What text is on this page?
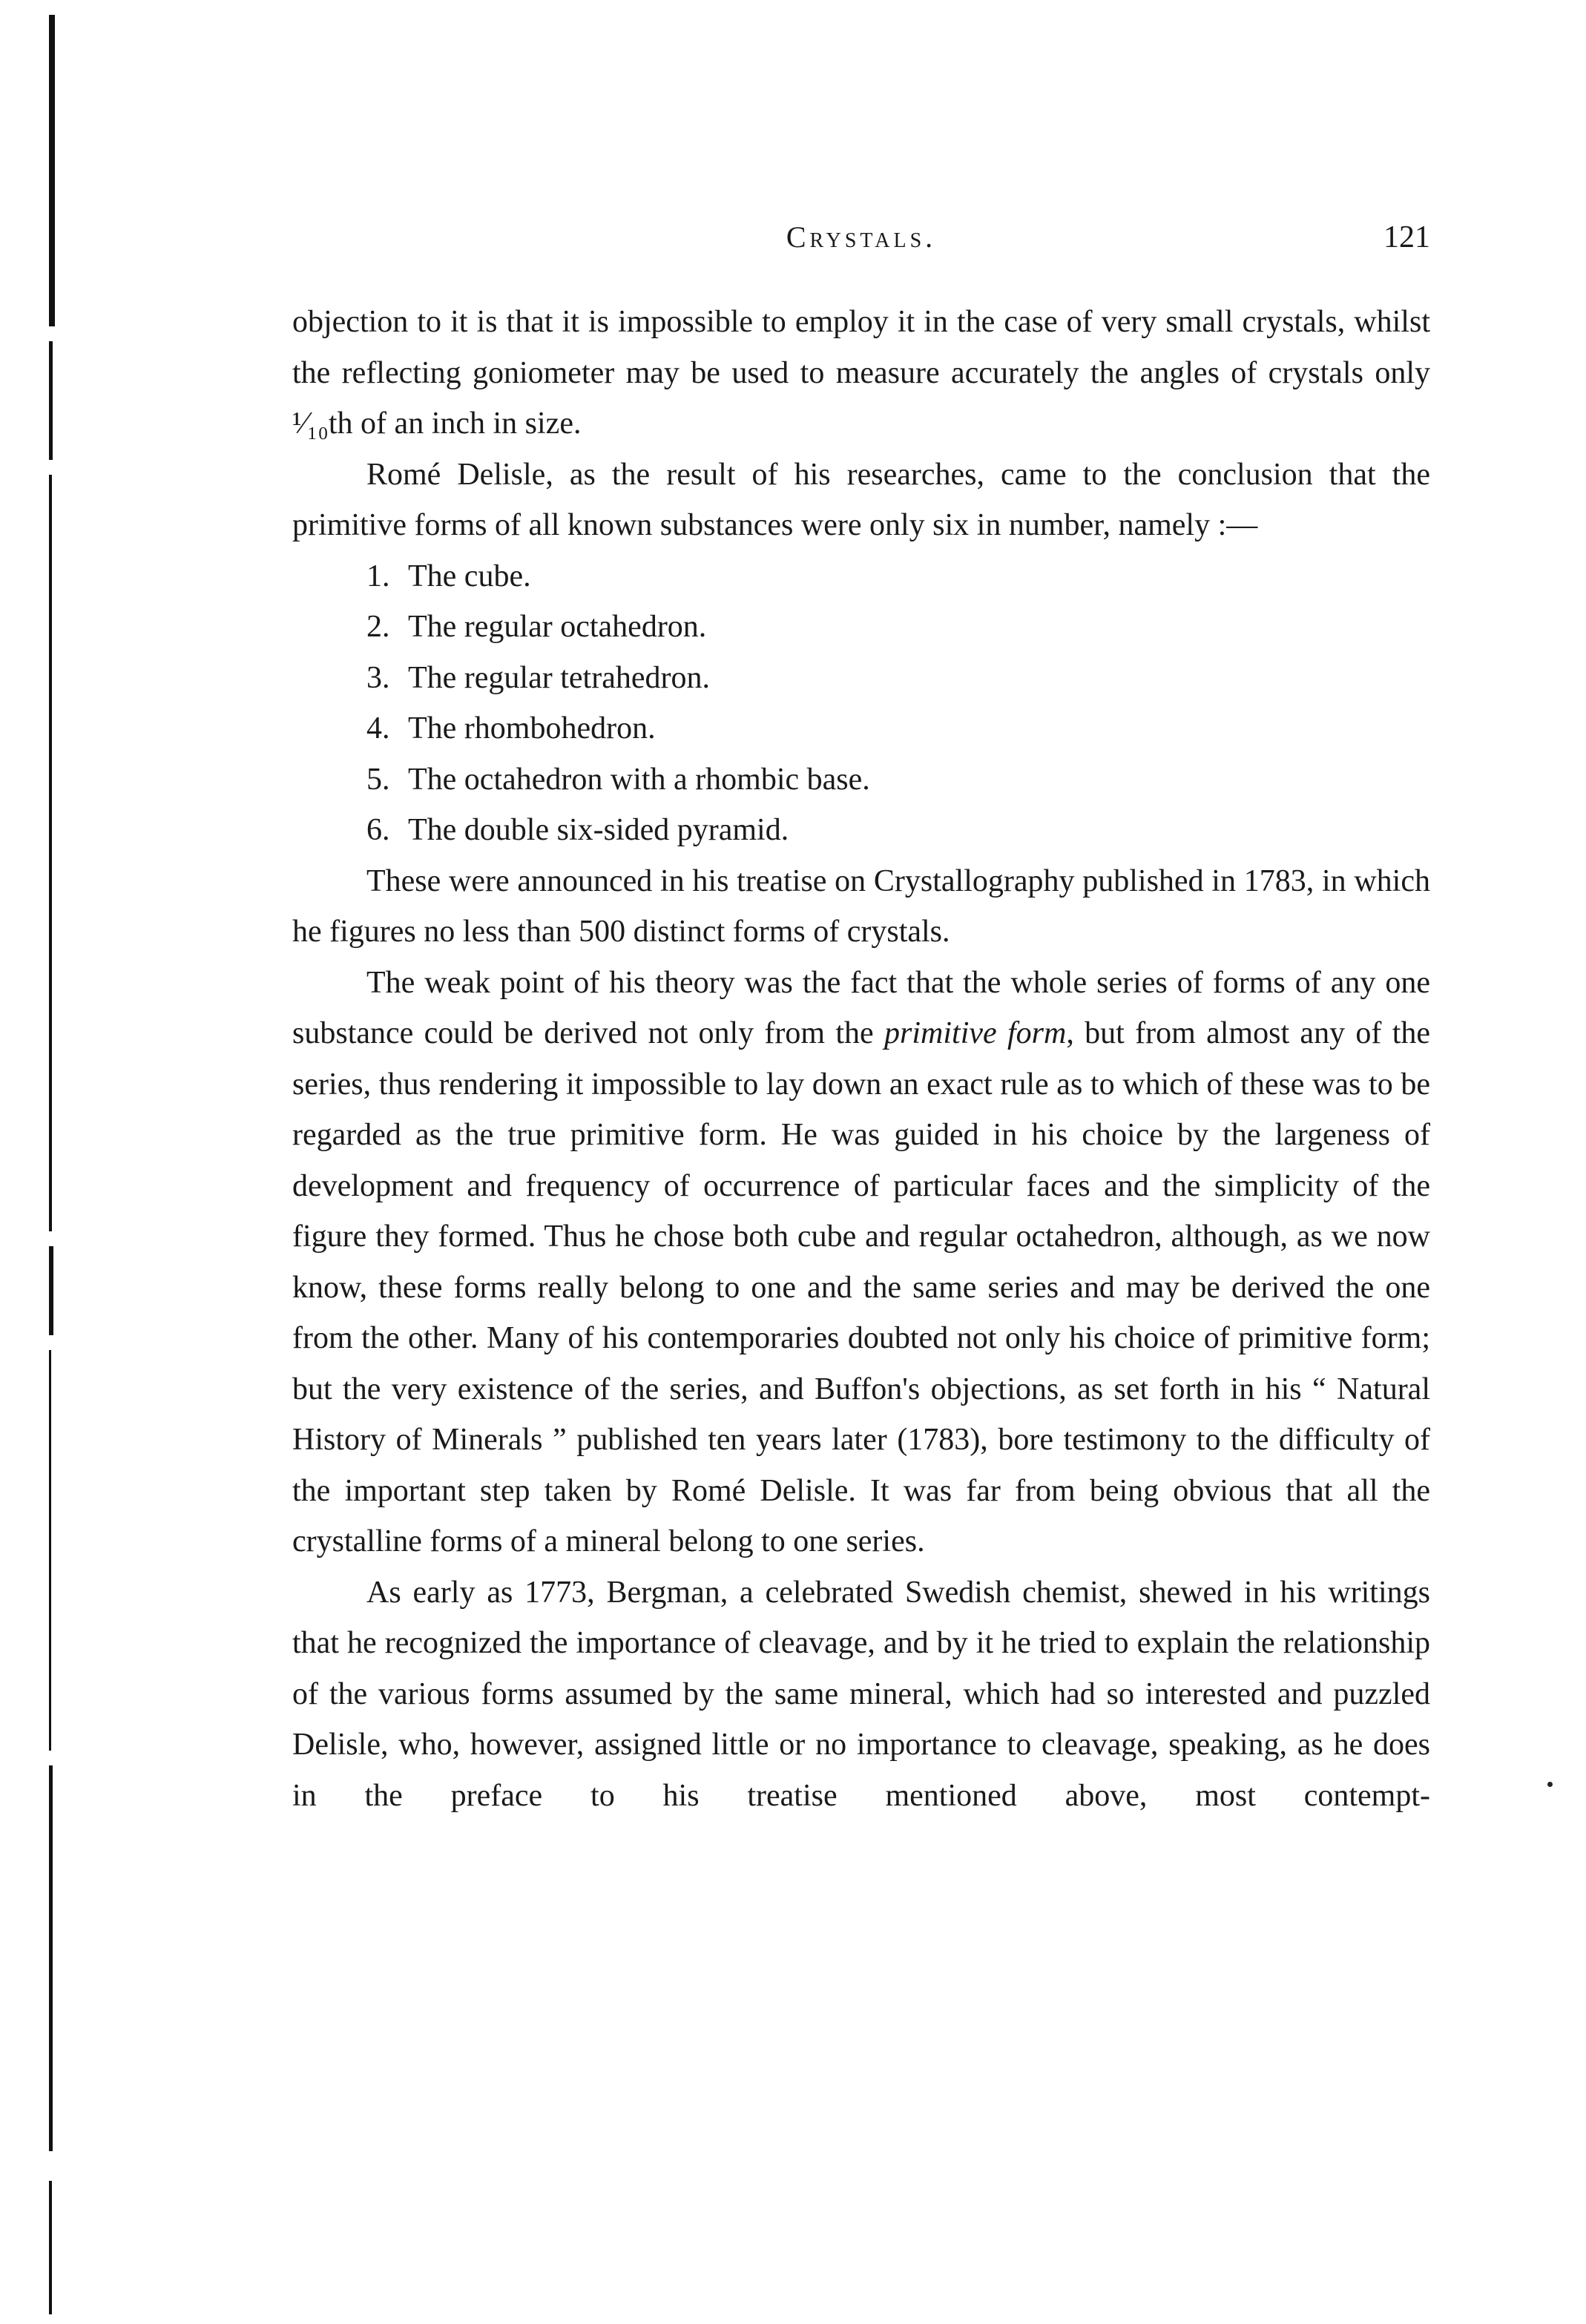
Crystals.	121

objection to it is that it is impossible to employ it in the case of very small crystals, whilst the reflecting goniometer may be used to measure accurately the angles of crystals only ¹⁄₁₀th of an inch in size.

Romé Delisle, as the result of his researches, came to the conclusion that the primitive forms of all known substances were only six in number, namely :—

1. The cube.
2. The regular octahedron.
3. The regular tetrahedron.
4. The rhombohedron.
5. The octahedron with a rhombic base.
6. The double six-sided pyramid.

These were announced in his treatise on Crystallography published in 1783, in which he figures no less than 500 distinct forms of crystals.

The weak point of his theory was the fact that the whole series of forms of any one substance could be derived not only from the primitive form, but from almost any of the series, thus rendering it impossible to lay down an exact rule as to which of these was to be regarded as the true primitive form. He was guided in his choice by the largeness of development and frequency of occurrence of particular faces and the simplicity of the figure they formed. Thus he chose both cube and regular octahedron, although, as we now know, these forms really belong to one and the same series and may be derived the one from the other. Many of his contemporaries doubted not only his choice of primitive form; but the very existence of the series, and Buffon's objections, as set forth in his “ Natural History of Minerals ” published ten years later (1783), bore testimony to the difficulty of the important step taken by Romé Delisle. It was far from being obvious that all the crystalline forms of a mineral belong to one series.

As early as 1773, Bergman, a celebrated Swedish chemist, shewed in his writings that he recognized the importance of cleavage, and by it he tried to explain the relationship of the various forms assumed by the same mineral, which had so interested and puzzled Delisle, who, however, assigned little or no importance to cleavage, speaking, as he does in the preface to his treatise mentioned above, most contempt-
